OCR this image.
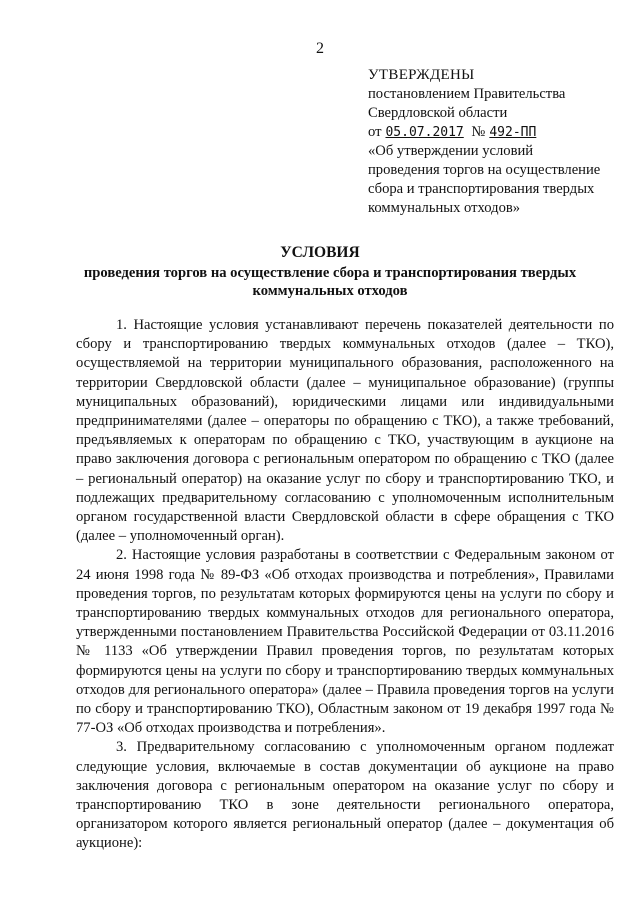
2
УТВЕРЖДЕНЫ
постановлением Правительства
Свердловской области
от 05.07.2017 № 492-ПП
«Об утверждении условий
проведения торгов на осуществление
сбора и транспортирования твердых
коммунальных отходов»
УСЛОВИЯ
проведения торгов на осуществление сбора и транспортирования твердых коммунальных отходов

1. Настоящие условия устанавливают перечень показателей деятельности по сбору и транспортированию твердых коммунальных отходов (далее – ТКО), осуществляемой на территории муниципального образования, расположенного на территории Свердловской области (далее – муниципальное образование) (группы муниципальных образований), юридическими лицами или индивидуальными предпринимателями (далее – операторы по обращению с ТКО), а также требований, предъявляемых к операторам по обращению с ТКО, участвующим в аукционе на право заключения договора с региональным оператором по обращению с ТКО (далее – региональный оператор) на оказание услуг по сбору и транспортированию ТКО, и подлежащих предварительному согласованию с уполномоченным исполнительным органом государственной власти Свердловской области в сфере обращения с ТКО (далее – уполномоченный орган).

2. Настоящие условия разработаны в соответствии с Федеральным законом от 24 июня 1998 года № 89-ФЗ «Об отходах производства и потребления», Правилами проведения торгов, по результатам которых формируются цены на услуги по сбору и транспортированию твердых коммунальных отходов для регионального оператора, утвержденными постановлением Правительства Российской Федерации от 03.11.2016 № 1133 «Об утверждении Правил проведения торгов, по результатам которых формируются цены на услуги по сбору и транспортированию твердых коммунальных отходов для регионального оператора» (далее – Правила проведения торгов на услуги по сбору и транспортированию ТКО), Областным законом от 19 декабря 1997 года № 77-ОЗ «Об отходах производства и потребления».

3. Предварительному согласованию с уполномоченным органом подлежат следующие условия, включаемые в состав документации об аукционе на право заключения договора с региональным оператором на оказание услуг по сбору и транспортированию ТКО в зоне деятельности регионального оператора, организатором которого является региональный оператор (далее – документация об аукционе):
